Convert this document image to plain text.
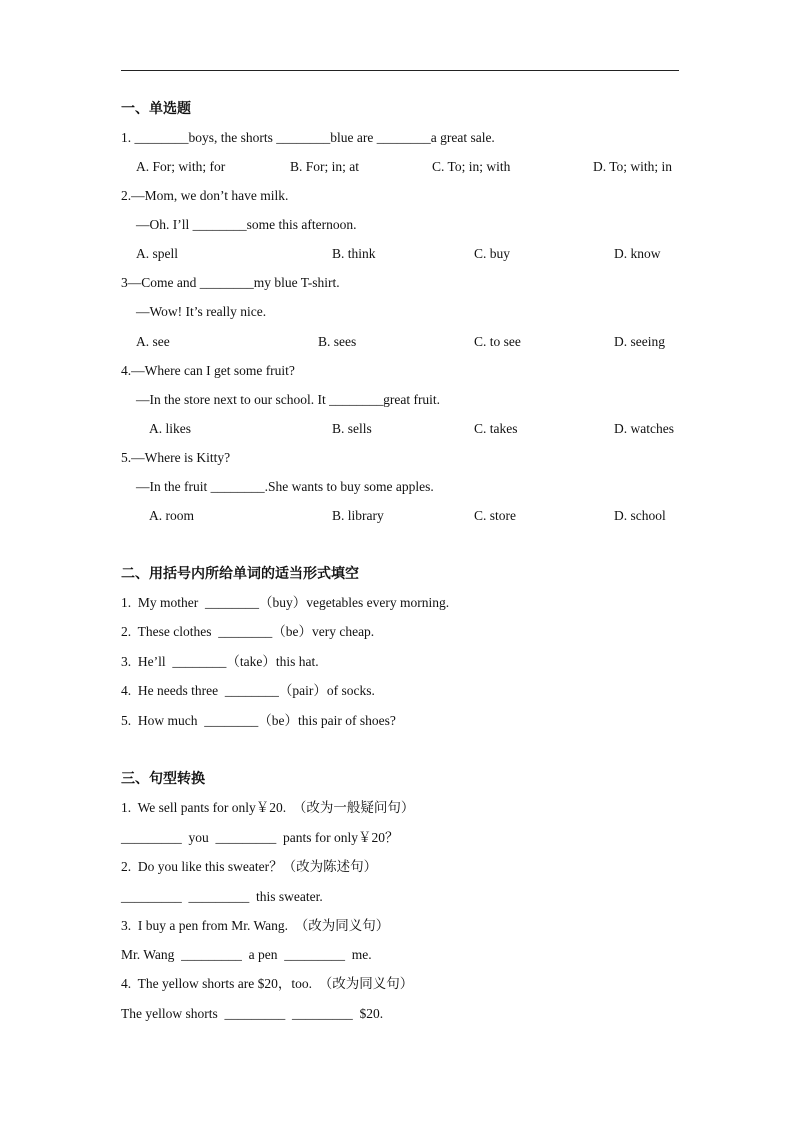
一、单选题
1. ________boys, the shorts ________blue are ________a great sale.
A. For; with; for	B. For; in; at	C. To; in; with	D. To; with; in
2.—Mom, we don’t have milk.
—Oh. I’ll ________some this afternoon.
A. spell	B. think	C. buy	D. know
3—Come and ________my blue T-shirt.
—Wow! It’s really nice.
A. see	B. sees	C. to see	D. seeing
4.—Where can I get some fruit?
—In the store next to our school. It ________great fruit.
A. likes	B. sells	C. takes	D. watches
5.—Where is Kitty?
—In the fruit ________.She wants to buy some apples.
A. room	B. library	C. store	D. school
二、用括号内所给单词的适当形式填空
1.  My mother  ________（buy）vegetables every morning.
2.  These clothes  ________（be）very cheap.
3.  He’ll  ________（take）this hat.
4.  He needs three  ________（pair）of socks.
5.  How much  ________（be）this pair of shoes?
三、句型转换
1.  We sell pants for only￥20.  （改为一般疑问句）
_________  you  _________  pants for only￥20？
2.  Do you like this sweater？（改为陈述句）
_________  _________  this sweater.
3.  I buy a pen from Mr. Wang.  （改为同义句）
Mr. Wang  _________  a pen  _________  me.
4.  The yellow shorts are $20，too.  （改为同义句）
The yellow shorts  _________  _________  $20.
